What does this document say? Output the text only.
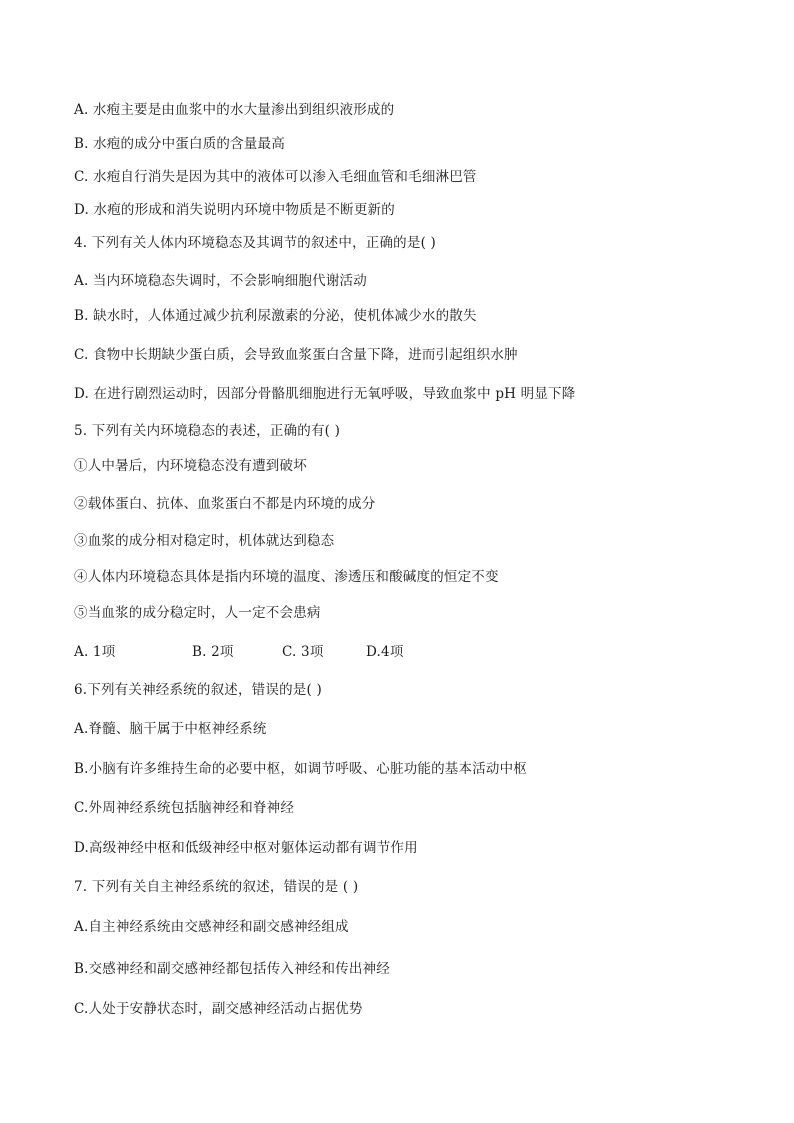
A. 水疱主要是由血浆中的水大量渗出到组织液形成的
B. 水疱的成分中蛋白质的含量最高
C. 水疱自行消失是因为其中的液体可以渗入毛细血管和毛细淋巴管
D. 水疱的形成和消失说明内环境中物质是不断更新的
4. 下列有关人体内环境稳态及其调节的叙述中，正确的是( )
A. 当内环境稳态失调时，不会影响细胞代谢活动
B. 缺水时，人体通过减少抗利尿激素的分泌，使机体减少水的散失
C. 食物中长期缺少蛋白质，会导致血浆蛋白含量下降，进而引起组织水肿
D. 在进行剧烈运动时，因部分骨骼肌细胞进行无氧呼吸，导致血浆中 pH 明显下降
5. 下列有关内环境稳态的表述，正确的有( )
①人中暑后，内环境稳态没有遭到破坏
②载体蛋白、抗体、血浆蛋白不都是内环境的成分
③血浆的成分相对稳定时，机体就达到稳态
④人体内环境稳态具体是指内环境的温度、渗透压和酸碱度的恒定不变
⑤当血浆的成分稳定时，人一定不会患病
A. 1项	B. 2项	C. 3项	D.4项
6.下列有关神经系统的叙述，错误的是( )
A.脊髓、脑干属于中枢神经系统
B.小脑有许多维持生命的必要中枢，如调节呼吸、心脏功能的基本活动中枢
C.外周神经系统包括脑神经和脊神经
D.高级神经中枢和低级神经中枢对躯体运动都有调节作用
7. 下列有关自主神经系统的叙述，错误的是 ( )
A.自主神经系统由交感神经和副交感神经组成
B.交感神经和副交感神经都包括传入神经和传出神经
C.人处于安静状态时，副交感神经活动占据优势
